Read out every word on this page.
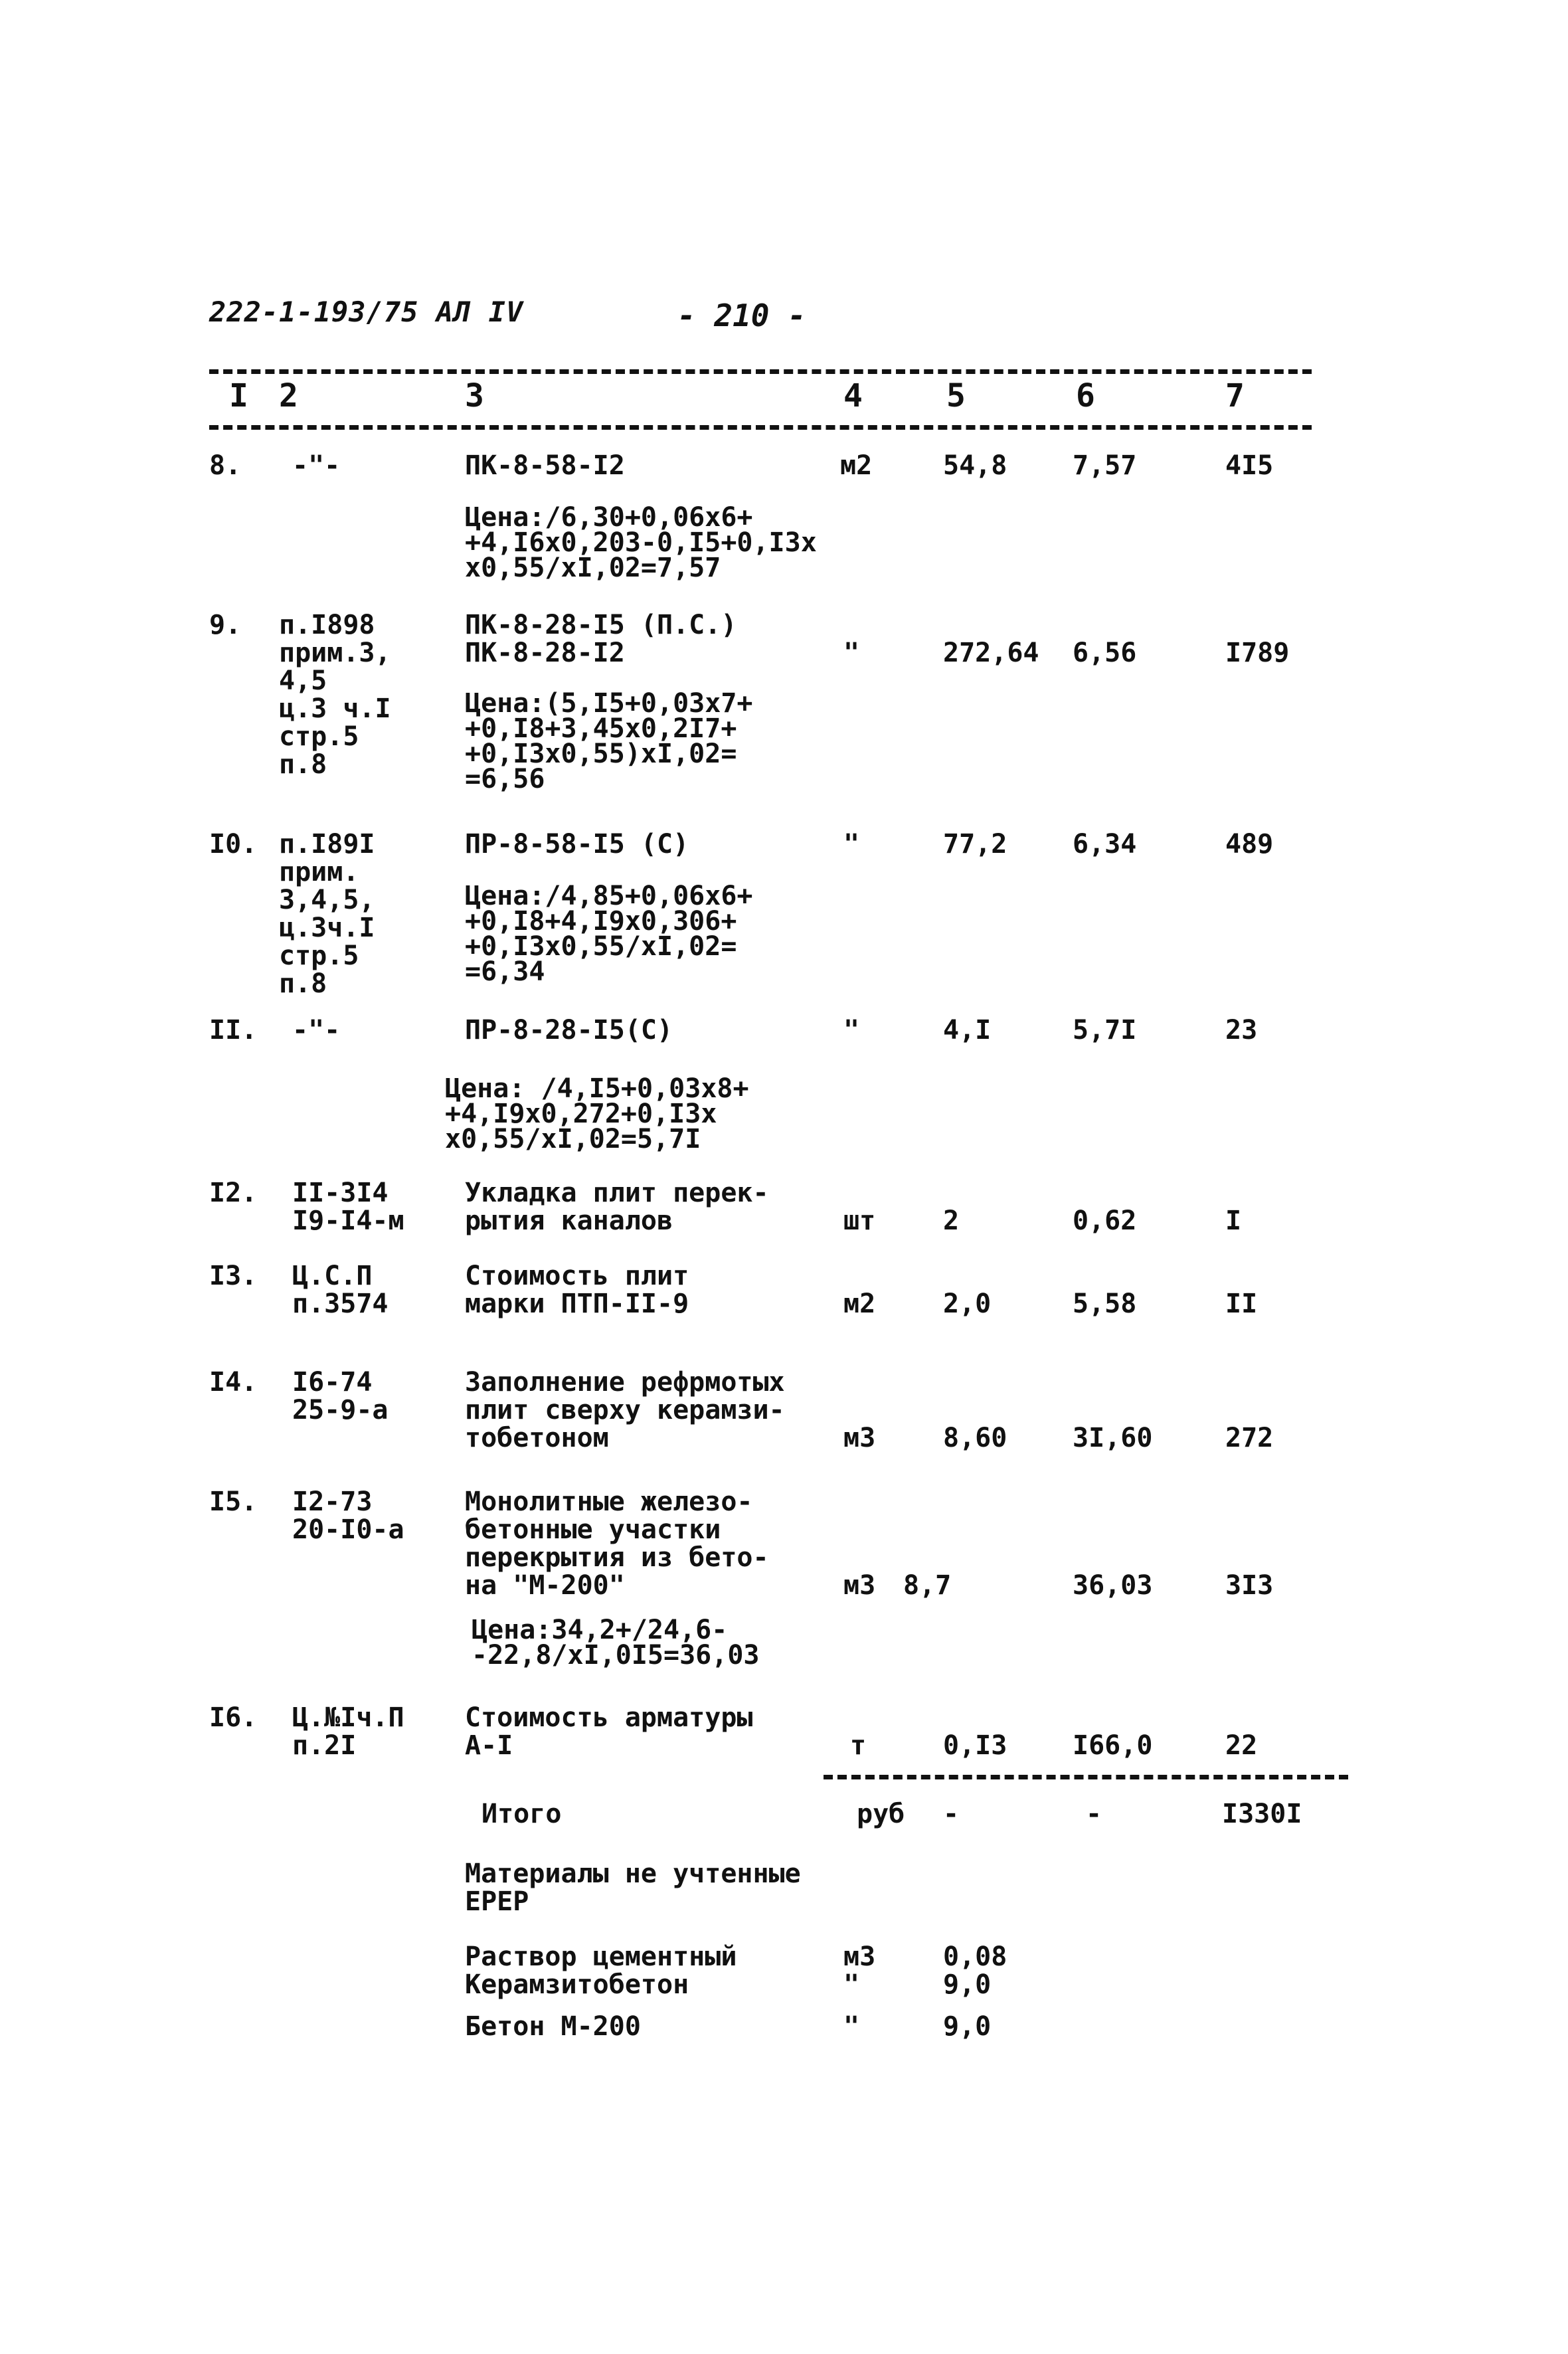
222-1-193/75 АЛ IV	- 210 -
I 2	3	4	5	6	7
8. -"-	ПК-8-58-I2
Цена:/6,30+0,06х6+
+4,I6х0,203-0,I5+0,I3х
х0,55/хI,02=7,57
м2	54,8 7,57	4I5
9. п.I898
прим.3,
4,5
ц.3 ч.I
стр.5
п.8
ПК-8-28-I5 (П.С.)
ПК-8-28-I2
Цена:(5,I5+0,03х7+
+0,I8+3,45х0,2I7+
+0,I3х0,55)хI,02=
=6,56
"	272,64 6,56	I789
I0. п.I89I
прим.
3,4,5,
ц.3ч.I
стр.5
п.8
ПР-8-58-I5 (С)
Цена:/4,85+0,06х6+
+0,I8+4,I9х0,306+
+0,I3х0,55/хI,02=
=6,34
"	77,2 6,34	489
II. -"-	ПР-8-28-I5(С)
Цена: /4,I5+0,03х8+
+4,I9х0,272+0,I3х
х0,55/хI,02=5,7I
"	4,I	5,7I	23
I2. II-3I4
I9-I4-м
Укладка плит перек-
рытия каналов	шт	2	0,62	I
I3. Ц.С.П
п.3574
Стоимость плит
марки ПТП-II-9	м2	2,0	5,58	II
I4. I6-74
25-9-а
Заполнение рефрмотых
плит сверху керамзи-
тобетоном	м3	8,60 3I,60	272
I5. I2-73
20-I0-а
Монолитные железо-
бетонные участки
перекрытия из бето-
на "М-200"
Цена:34,2+/24,6-
-22,8/хI,0I5=36,03
м3 8,7	36,03	3I3
I6. Ц.№Iч.П
п.2I
Стоимость арматуры
А-I	т	0,I3 I66,0	22
Итого	руб -	-	I330I
Материалы не учтенные
ЕРЕР
Раствор цементный	м3	0,08
Керамзитобетон	"	9,0
Бетон М-200	"	9,0
